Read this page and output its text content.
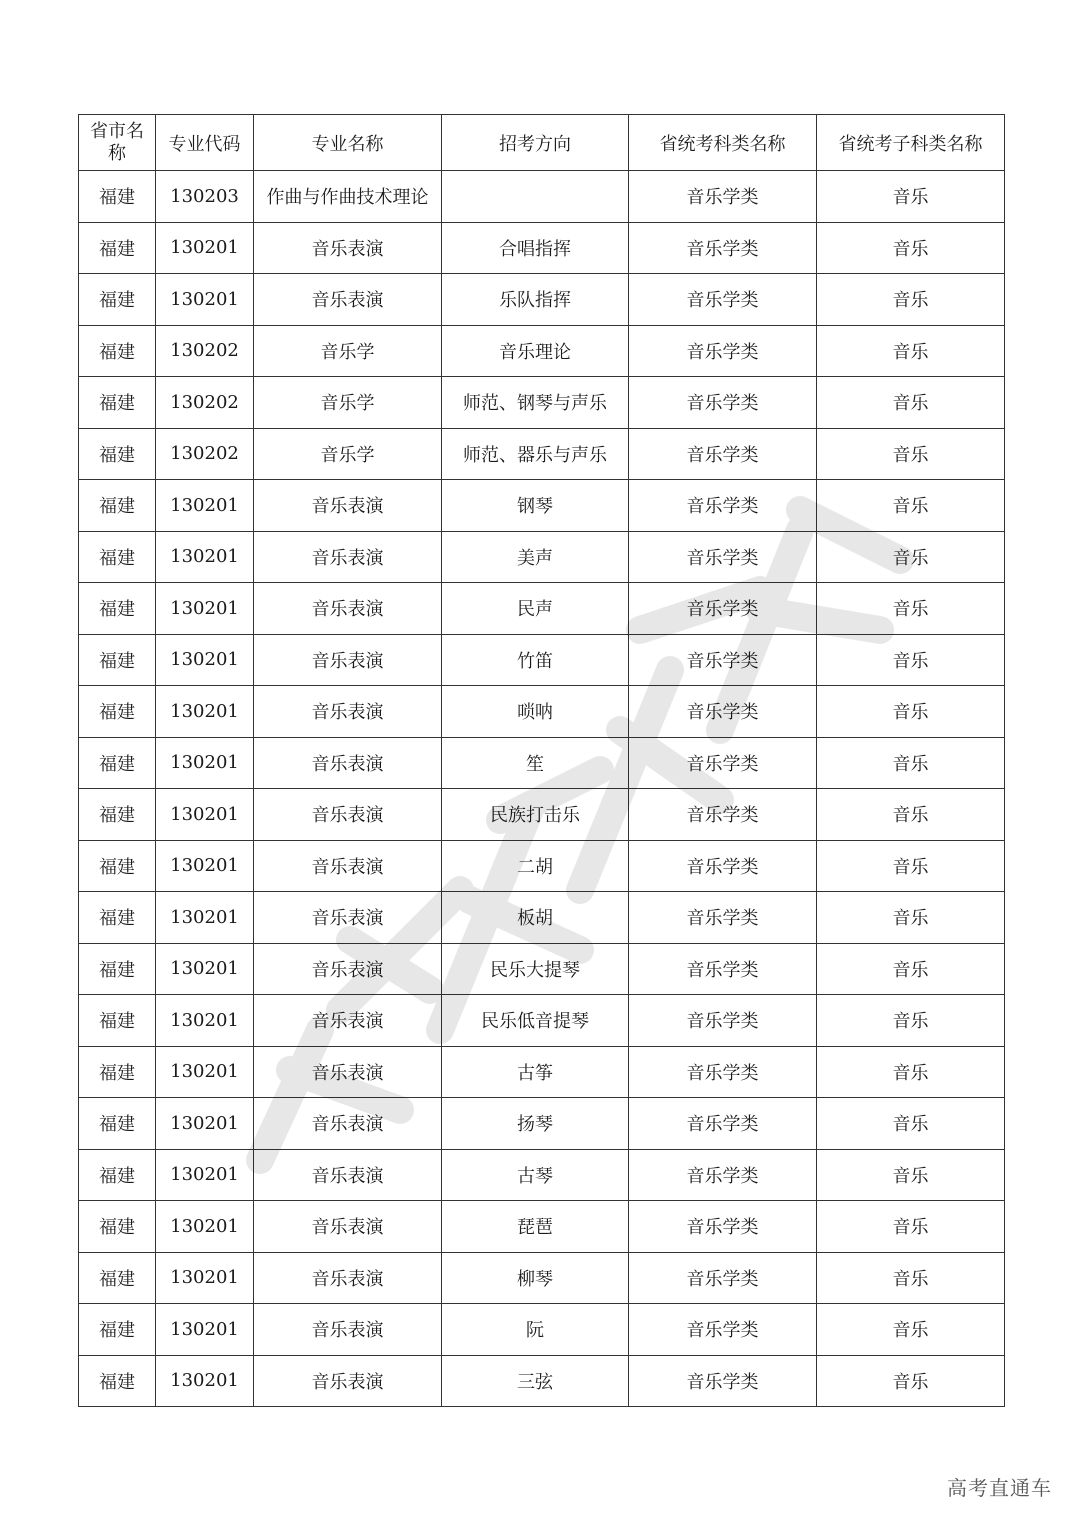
省市名称	专业代码	专业名称	招考方向	省统考科类名称	省统考子科类名称
福建	130203	作曲与作曲技术理论		音乐学类	音乐
福建	130201	音乐表演	合唱指挥	音乐学类	音乐
福建	130201	音乐表演	乐队指挥	音乐学类	音乐
福建	130202	音乐学	音乐理论	音乐学类	音乐
福建	130202	音乐学	师范、钢琴与声乐	音乐学类	音乐
福建	130202	音乐学	师范、器乐与声乐	音乐学类	音乐
福建	130201	音乐表演	钢琴	音乐学类	音乐
福建	130201	音乐表演	美声	音乐学类	音乐
福建	130201	音乐表演	民声	音乐学类	音乐
福建	130201	音乐表演	竹笛	音乐学类	音乐
福建	130201	音乐表演	唢呐	音乐学类	音乐
福建	130201	音乐表演	笙	音乐学类	音乐
福建	130201	音乐表演	民族打击乐	音乐学类	音乐
福建	130201	音乐表演	二胡	音乐学类	音乐
福建	130201	音乐表演	板胡	音乐学类	音乐
福建	130201	音乐表演	民乐大提琴	音乐学类	音乐
福建	130201	音乐表演	民乐低音提琴	音乐学类	音乐
福建	130201	音乐表演	古筝	音乐学类	音乐
福建	130201	音乐表演	扬琴	音乐学类	音乐
福建	130201	音乐表演	古琴	音乐学类	音乐
福建	130201	音乐表演	琵琶	音乐学类	音乐
福建	130201	音乐表演	柳琴	音乐学类	音乐
福建	130201	音乐表演	阮	音乐学类	音乐
福建	130201	音乐表演	三弦	音乐学类	音乐
高考直通车
